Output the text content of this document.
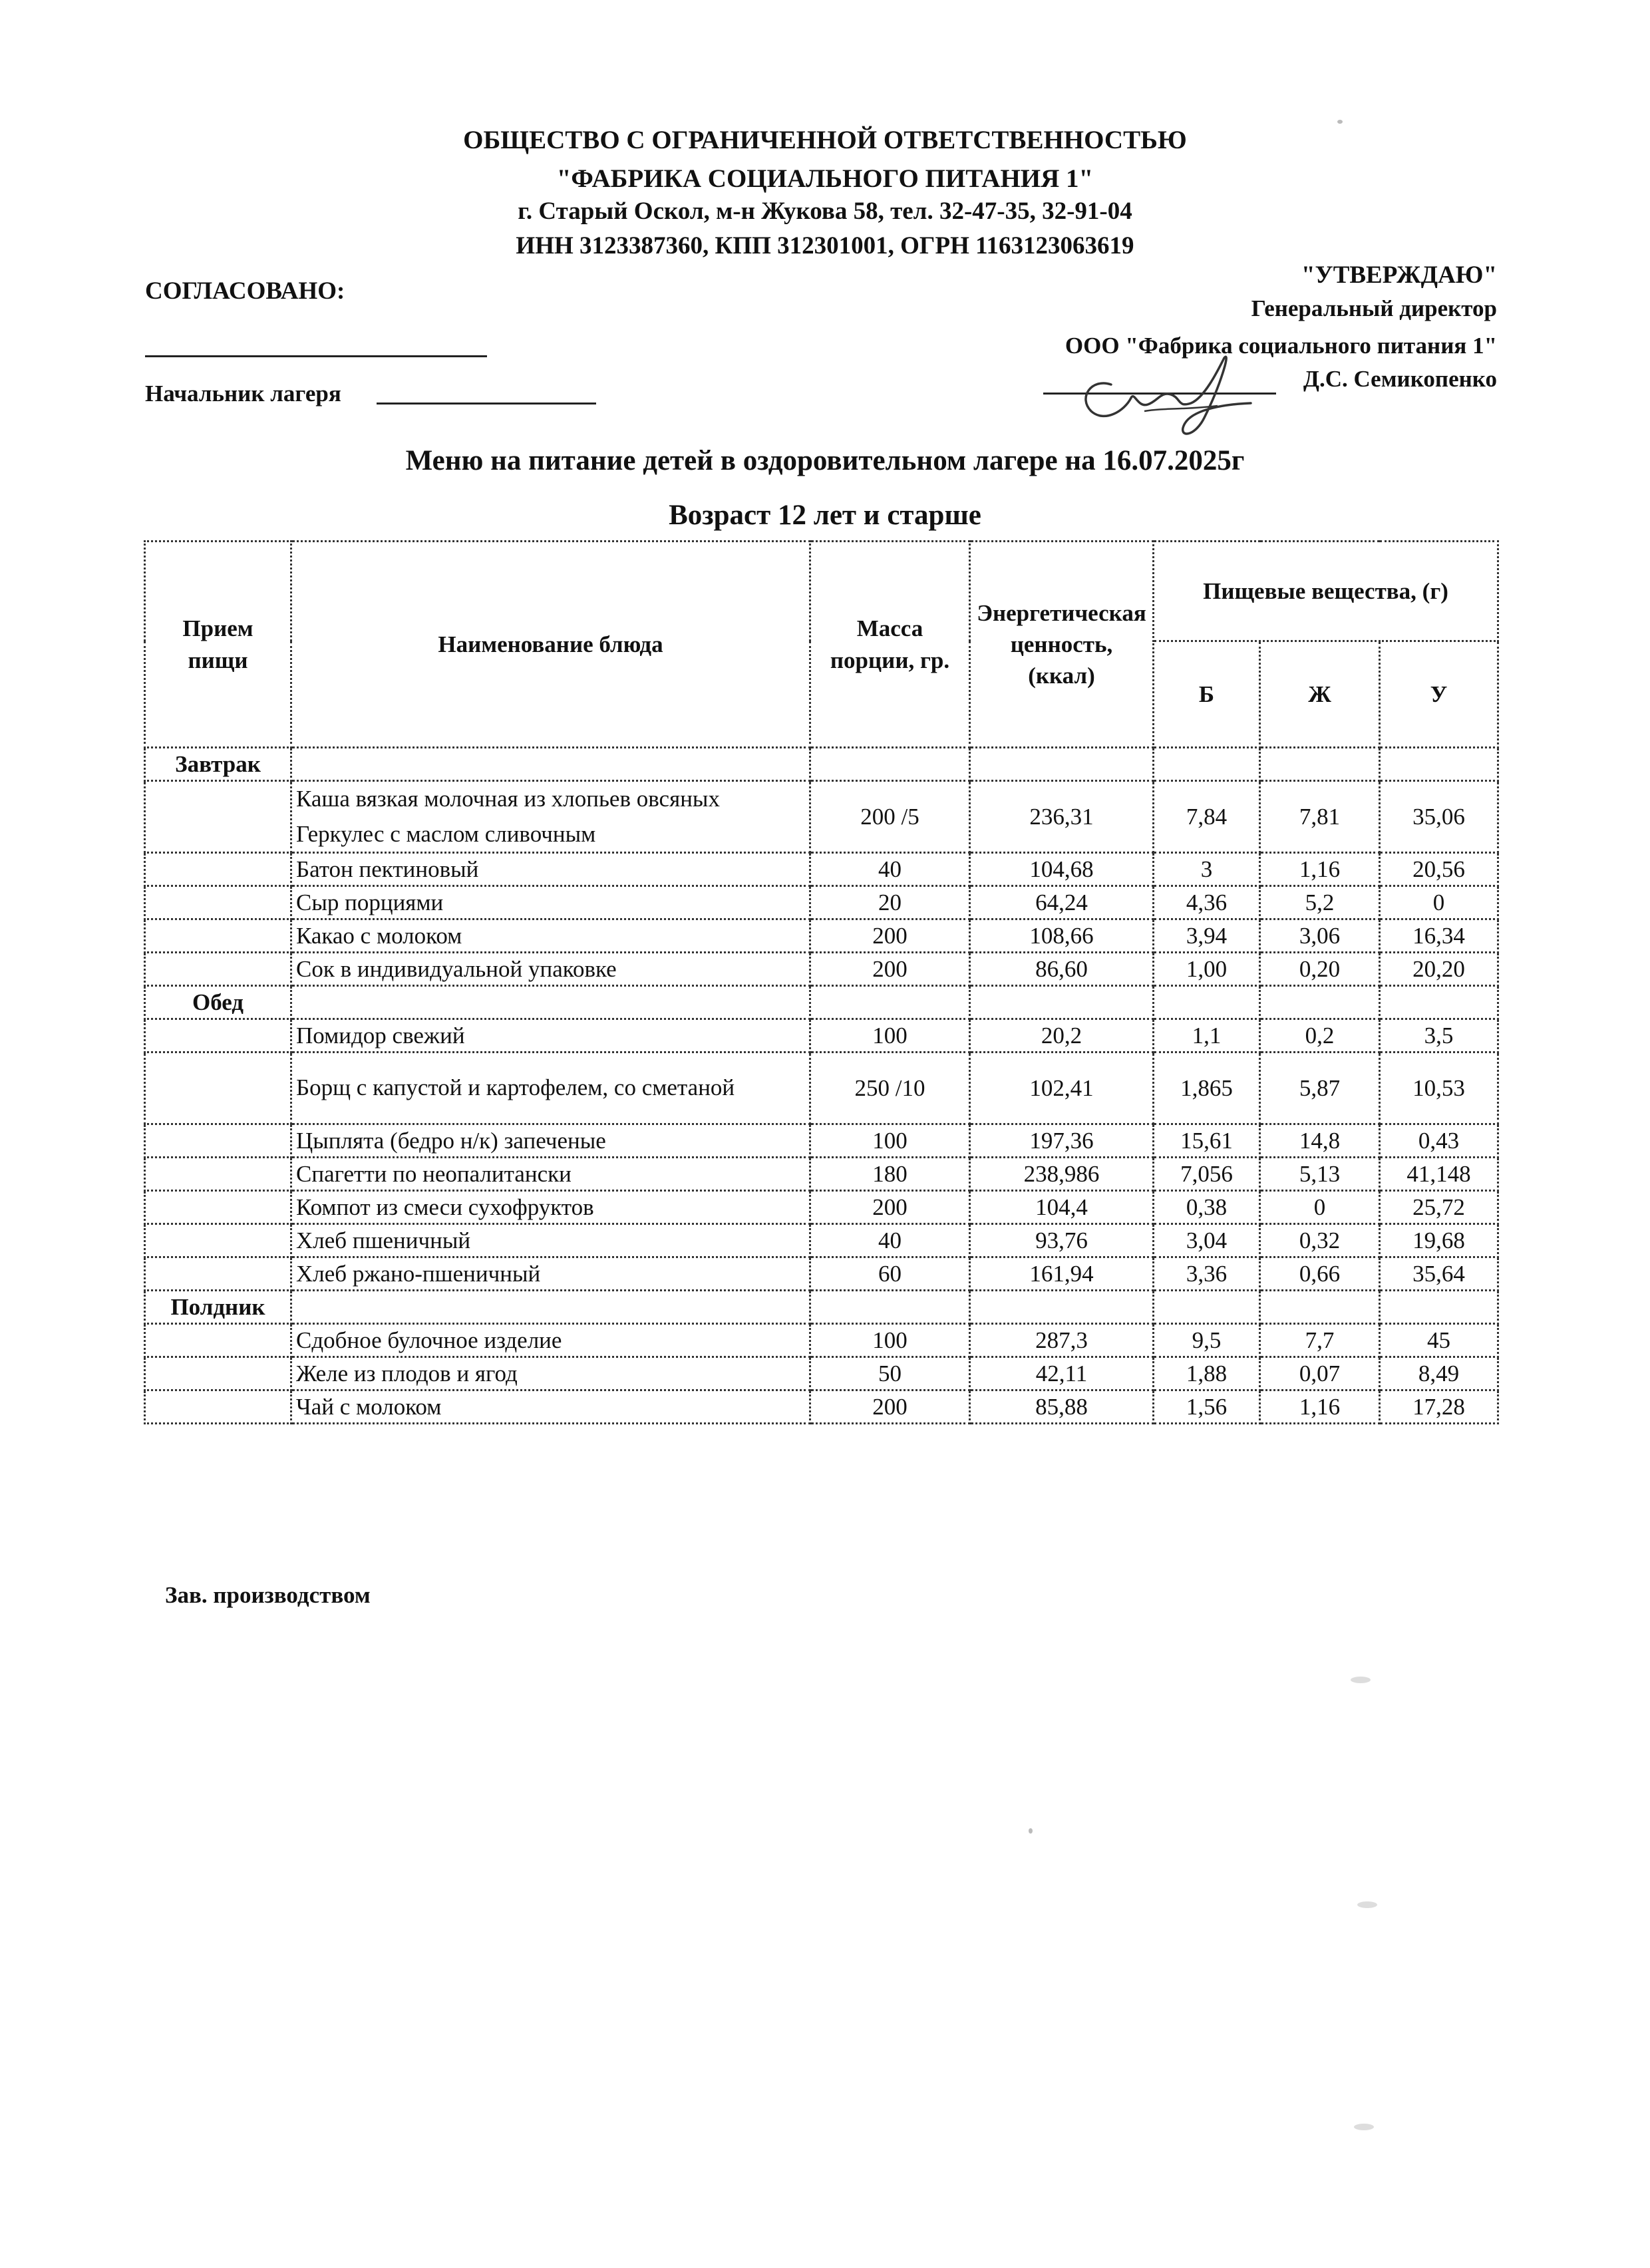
ОБЩЕСТВО С ОГРАНИЧЕННОЙ ОТВЕТСТВЕННОСТЬЮ
"ФАБРИКА СОЦИАЛЬНОГО ПИТАНИЯ 1"
г. Старый Оскол, м-н Жукова 58, тел. 32-47-35, 32-91-04
ИНН 3123387360, КПП 312301001, ОГРН 1163123063619
СОГЛАСОВАНО:
Начальник лагеря
"УТВЕРЖДАЮ"
Генеральный директор
ООО "Фабрика социального питания 1"
Д.С. Семикопенко
Меню на питание детей в оздоровительном лагере на 16.07.2025г
Возраст 12 лет и старше
Прием пищи	Наименование блюда	Масса порции, гр.	Энергетическая ценность, (ккал)	Пищевые вещества, (г)		
				Б	Ж	У
Завтрак						
	Каша вязкая молочная из хлопьев овсяных Геркулес с маслом сливочным	200 /5	236,31	7,84	7,81	35,06
	Батон пектиновый	40	104,68	3	1,16	20,56
	Сыр порциями	20	64,24	4,36	5,2	0
	Какао с молоком	200	108,66	3,94	3,06	16,34
	Сок в индивидуальной упаковке	200	86,60	1,00	0,20	20,20
Обед						
	Помидор свежий	100	20,2	1,1	0,2	3,5
	Борщ с капустой и картофелем, со сметаной	250 /10	102,41	1,865	5,87	10,53
	Цыплята (бедро н/к) запеченые	100	197,36	15,61	14,8	0,43
	Спагетти по неопалитански	180	238,986	7,056	5,13	41,148
	Компот из смеси сухофруктов	200	104,4	0,38	0	25,72
	Хлеб пшеничный	40	93,76	3,04	0,32	19,68
	Хлеб ржано-пшеничный	60	161,94	3,36	0,66	35,64
Полдник						
	Сдобное булочное изделие	100	287,3	9,5	7,7	45
	Желе из плодов и ягод	50	42,11	1,88	0,07	8,49
	Чай с молоком	200	85,88	1,56	1,16	17,28
Зав. производством
